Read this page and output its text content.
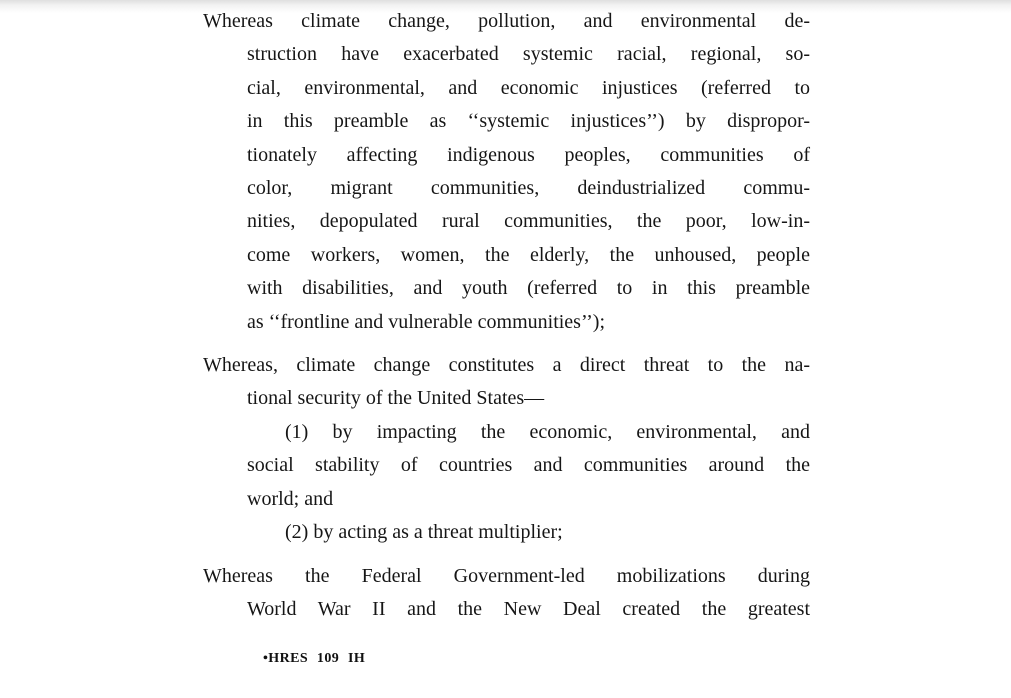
Whereas climate change, pollution, and environmental de-
struction have exacerbated systemic racial, regional, so-
cial, environmental, and economic injustices (referred to
in this preamble as ‘‘systemic injustices’’) by dispropor-
tionately affecting indigenous peoples, communities of
color, migrant communities, deindustrialized commu-
nities, depopulated rural communities, the poor, low-in-
come workers, women, the elderly, the unhoused, people
with disabilities, and youth (referred to in this preamble
as ‘‘frontline and vulnerable communities’’);
Whereas, climate change constitutes a direct threat to the na-
tional security of the United States—
(1) by impacting the economic, environmental, and
social stability of countries and communities around the
world; and
(2) by acting as a threat multiplier;
Whereas the Federal Government-led mobilizations during
World War II and the New Deal created the greatest
•HRES 109 IH
